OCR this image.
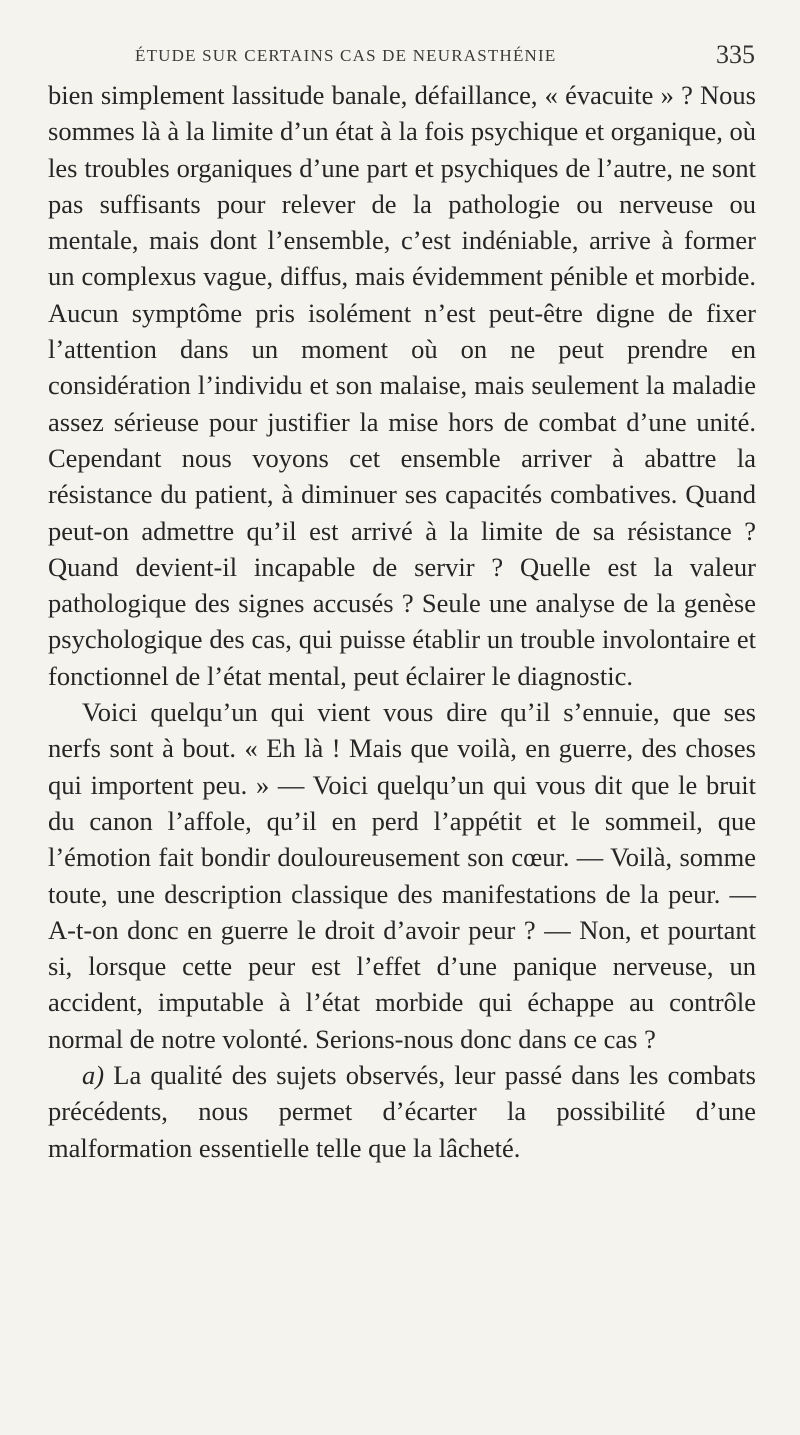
ÉTUDE SUR CERTAINS CAS DE NEURASTHÉNIE	335

bien simplement lassitude banale, défaillance, « évacuite » ? Nous sommes là à la limite d’un état à la fois psychique et organique, où les troubles organiques d’une part et psychiques de l’autre, ne sont pas suffisants pour relever de la pathologie ou nerveuse ou mentale, mais dont l’ensemble, c’est indéniable, arrive à former un complexus vague, diffus, mais évidemment pénible et morbide. Aucun symptôme pris isolément n’est peut-être digne de fixer l’attention dans un moment où on ne peut prendre en considération l’individu et son malaise, mais seulement la maladie assez sérieuse pour justifier la mise hors de combat d’une unité. Cependant nous voyons cet ensemble arriver à abattre la résistance du patient, à diminuer ses capacités combatives. Quand peut-on admettre qu’il est arrivé à la limite de sa résistance ? Quand devient-il incapable de servir ? Quelle est la valeur pathologique des signes accusés ? Seule une analyse de la genèse psychologique des cas, qui puisse établir un trouble involontaire et fonctionnel de l’état mental, peut éclairer le diagnostic.

Voici quelqu’un qui vient vous dire qu’il s’ennuie, que ses nerfs sont à bout. « Eh là ! Mais que voilà, en guerre, des choses qui importent peu. » — Voici quelqu’un qui vous dit que le bruit du canon l’affole, qu’il en perd l’appétit et le sommeil, que l’émotion fait bondir douloureusement son cœur. — Voilà, somme toute, une description classique des manifestations de la peur. — A-t-on donc en guerre le droit d’avoir peur ? — Non, et pourtant si, lorsque cette peur est l’effet d’une panique nerveuse, un accident, imputable à l’état morbide qui échappe au contrôle normal de notre volonté. Serions-nous donc dans ce cas ?

a) La qualité des sujets observés, leur passé dans les combats précédents, nous permet d’écarter la possibilité d’une malformation essentielle telle que la lâcheté.
